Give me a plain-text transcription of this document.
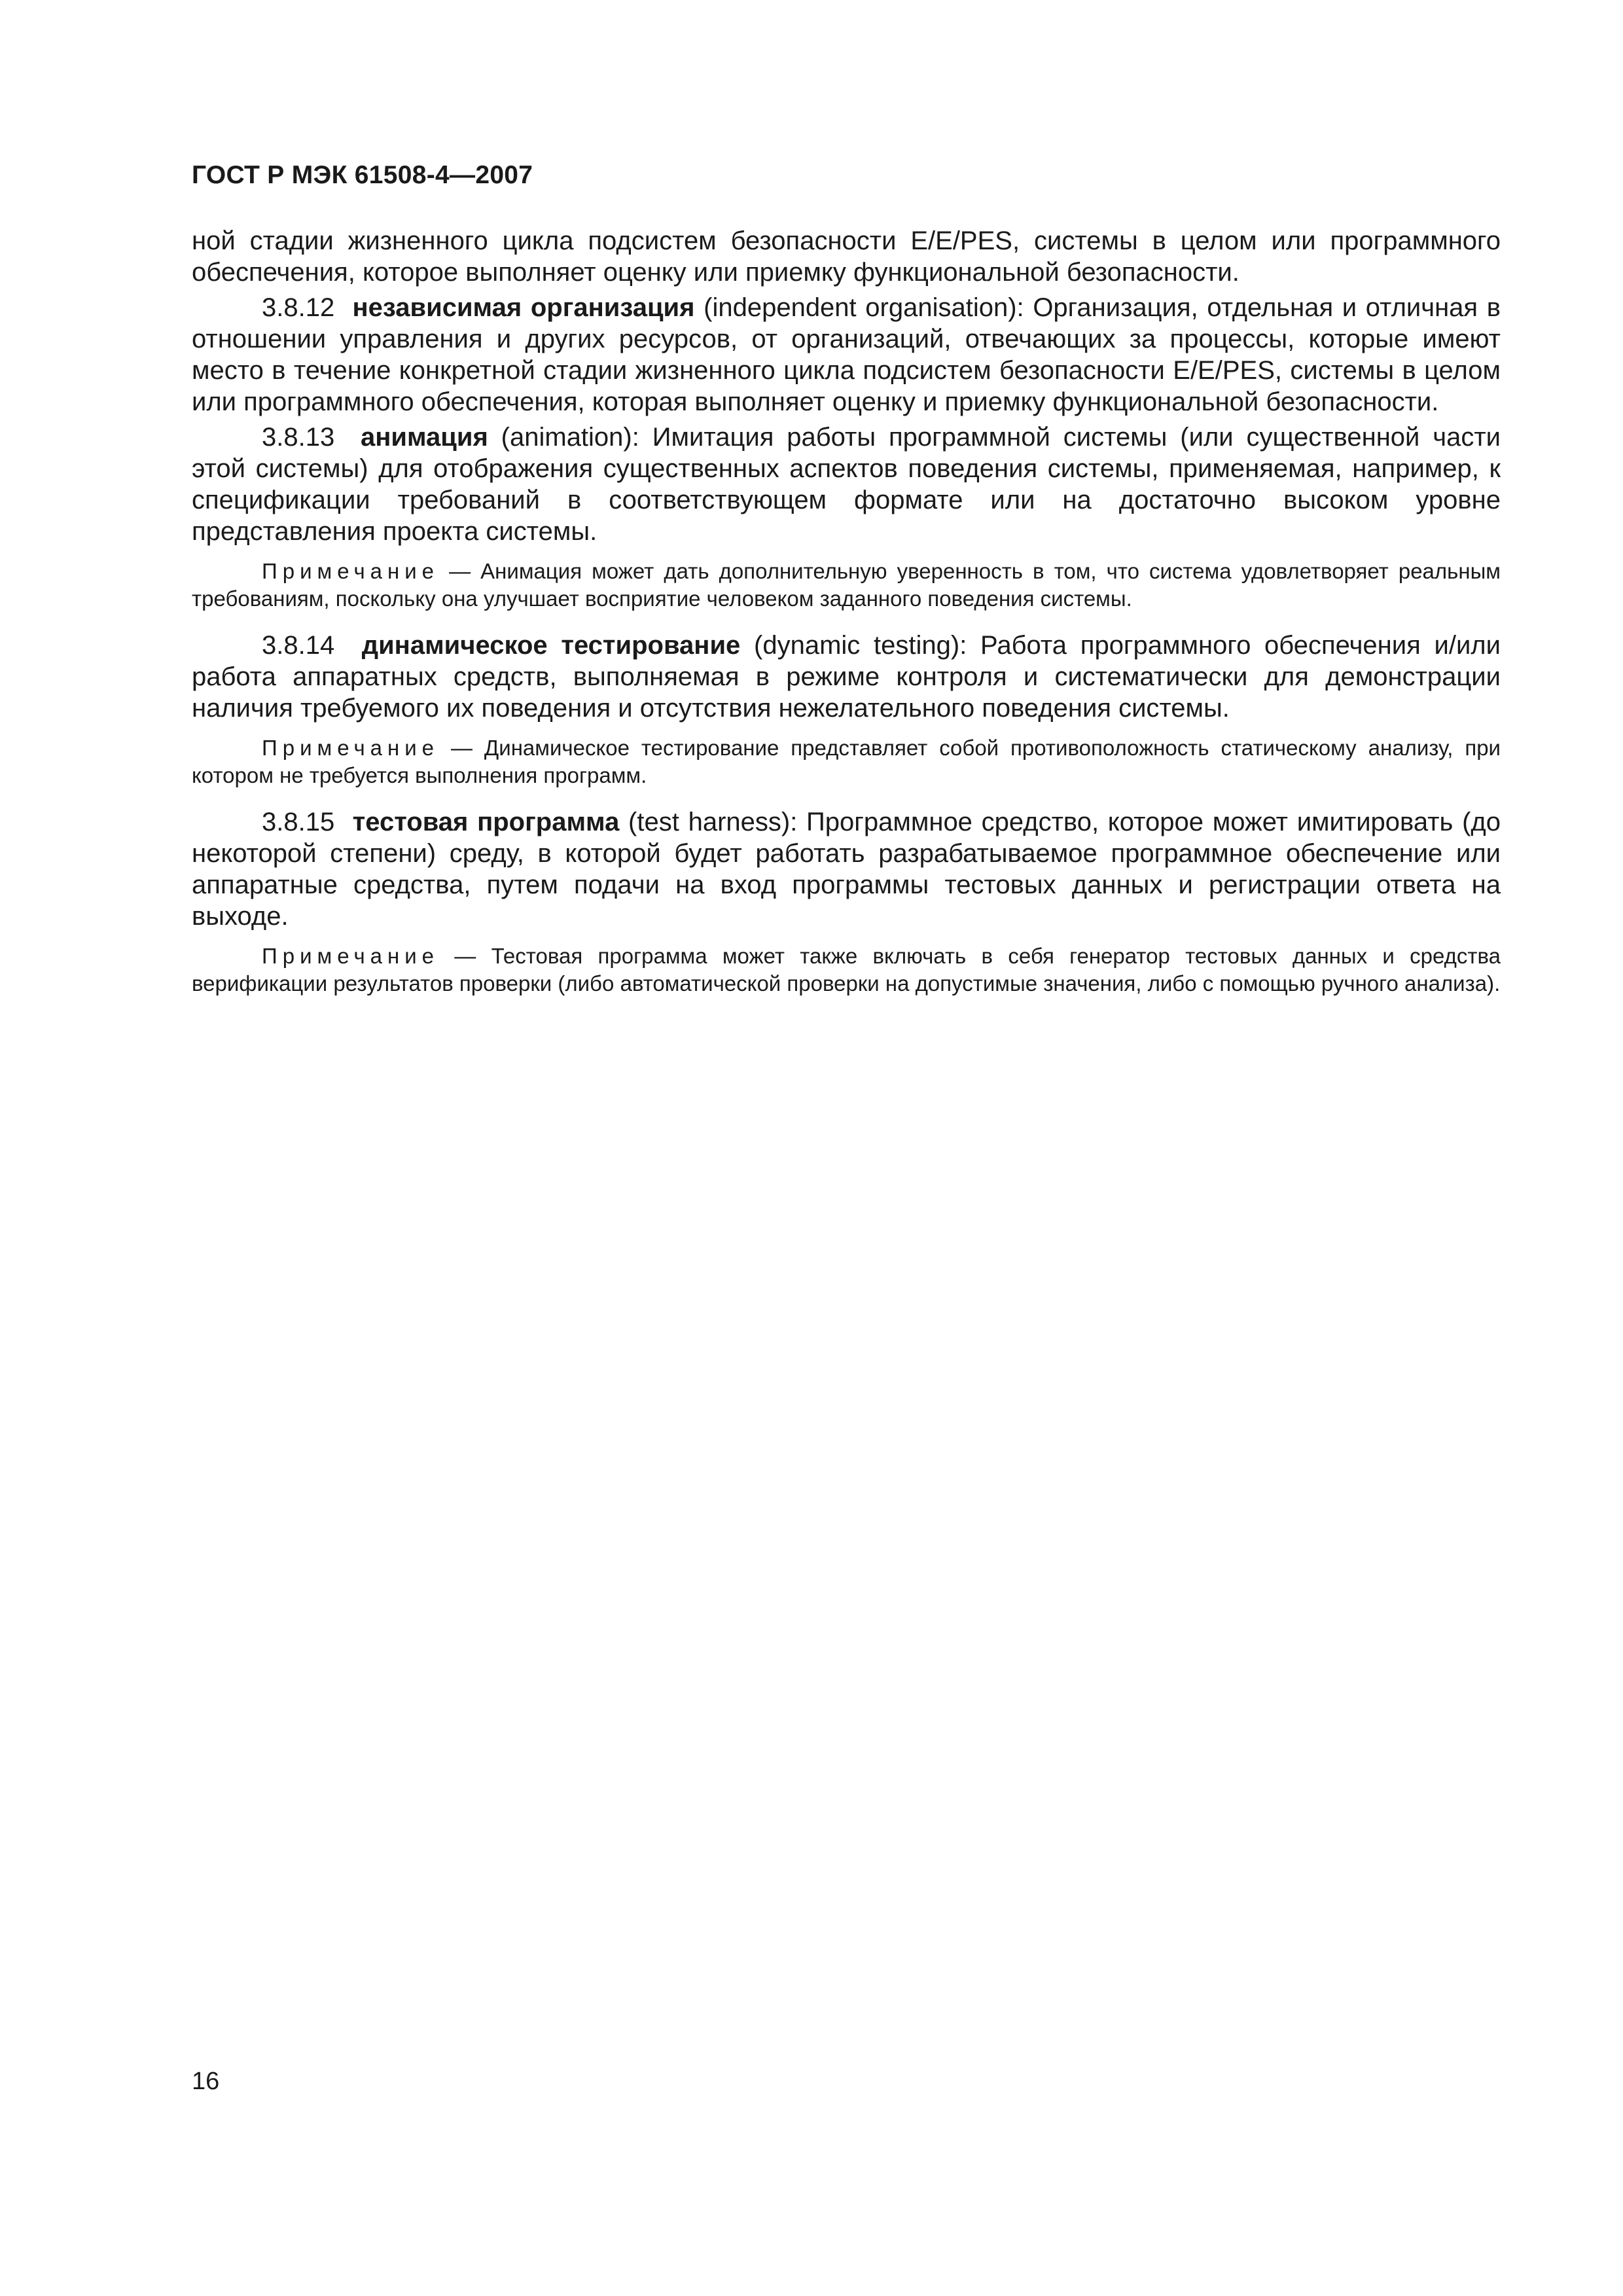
ГОСТ Р МЭК 61508-4—2007

ной стадии жизненного цикла подсистем безопасности E/E/PES, системы в целом или программного обеспечения, которое выполняет оценку или приемку функциональной безопасности.

3.8.12 независимая организация (independent organisation): Организация, отдельная и отличная в отношении управления и других ресурсов, от организаций, отвечающих за процессы, которые имеют место в течение конкретной стадии жизненного цикла подсистем безопасности E/E/PES, системы в целом или программного обеспечения, которая выполняет оценку и приемку функциональной безопасности.

3.8.13 анимация (animation): Имитация работы программной системы (или существенной части этой системы) для отображения существенных аспектов поведения системы, применяемая, например, к спецификации требований в соответствующем формате или на достаточно высоком уровне представления проекта системы.

Примечание — Анимация может дать дополнительную уверенность в том, что система удовлетворяет реальным требованиям, поскольку она улучшает восприятие человеком заданного поведения системы.

3.8.14 динамическое тестирование (dynamic testing): Работа программного обеспечения и/или работа аппаратных средств, выполняемая в режиме контроля и систематически для демонстрации наличия требуемого их поведения и отсутствия нежелательного поведения системы.

Примечание — Динамическое тестирование представляет собой противоположность статическому анализу, при котором не требуется выполнения программ.

3.8.15 тестовая программа (test harness): Программное средство, которое может имитировать (до некоторой степени) среду, в которой будет работать разрабатываемое программное обеспечение или аппаратные средства, путем подачи на вход программы тестовых данных и регистрации ответа на выходе.

Примечание — Тестовая программа может также включать в себя генератор тестовых данных и средства верификации результатов проверки (либо автоматической проверки на допустимые значения, либо с помощью ручного анализа).

16
